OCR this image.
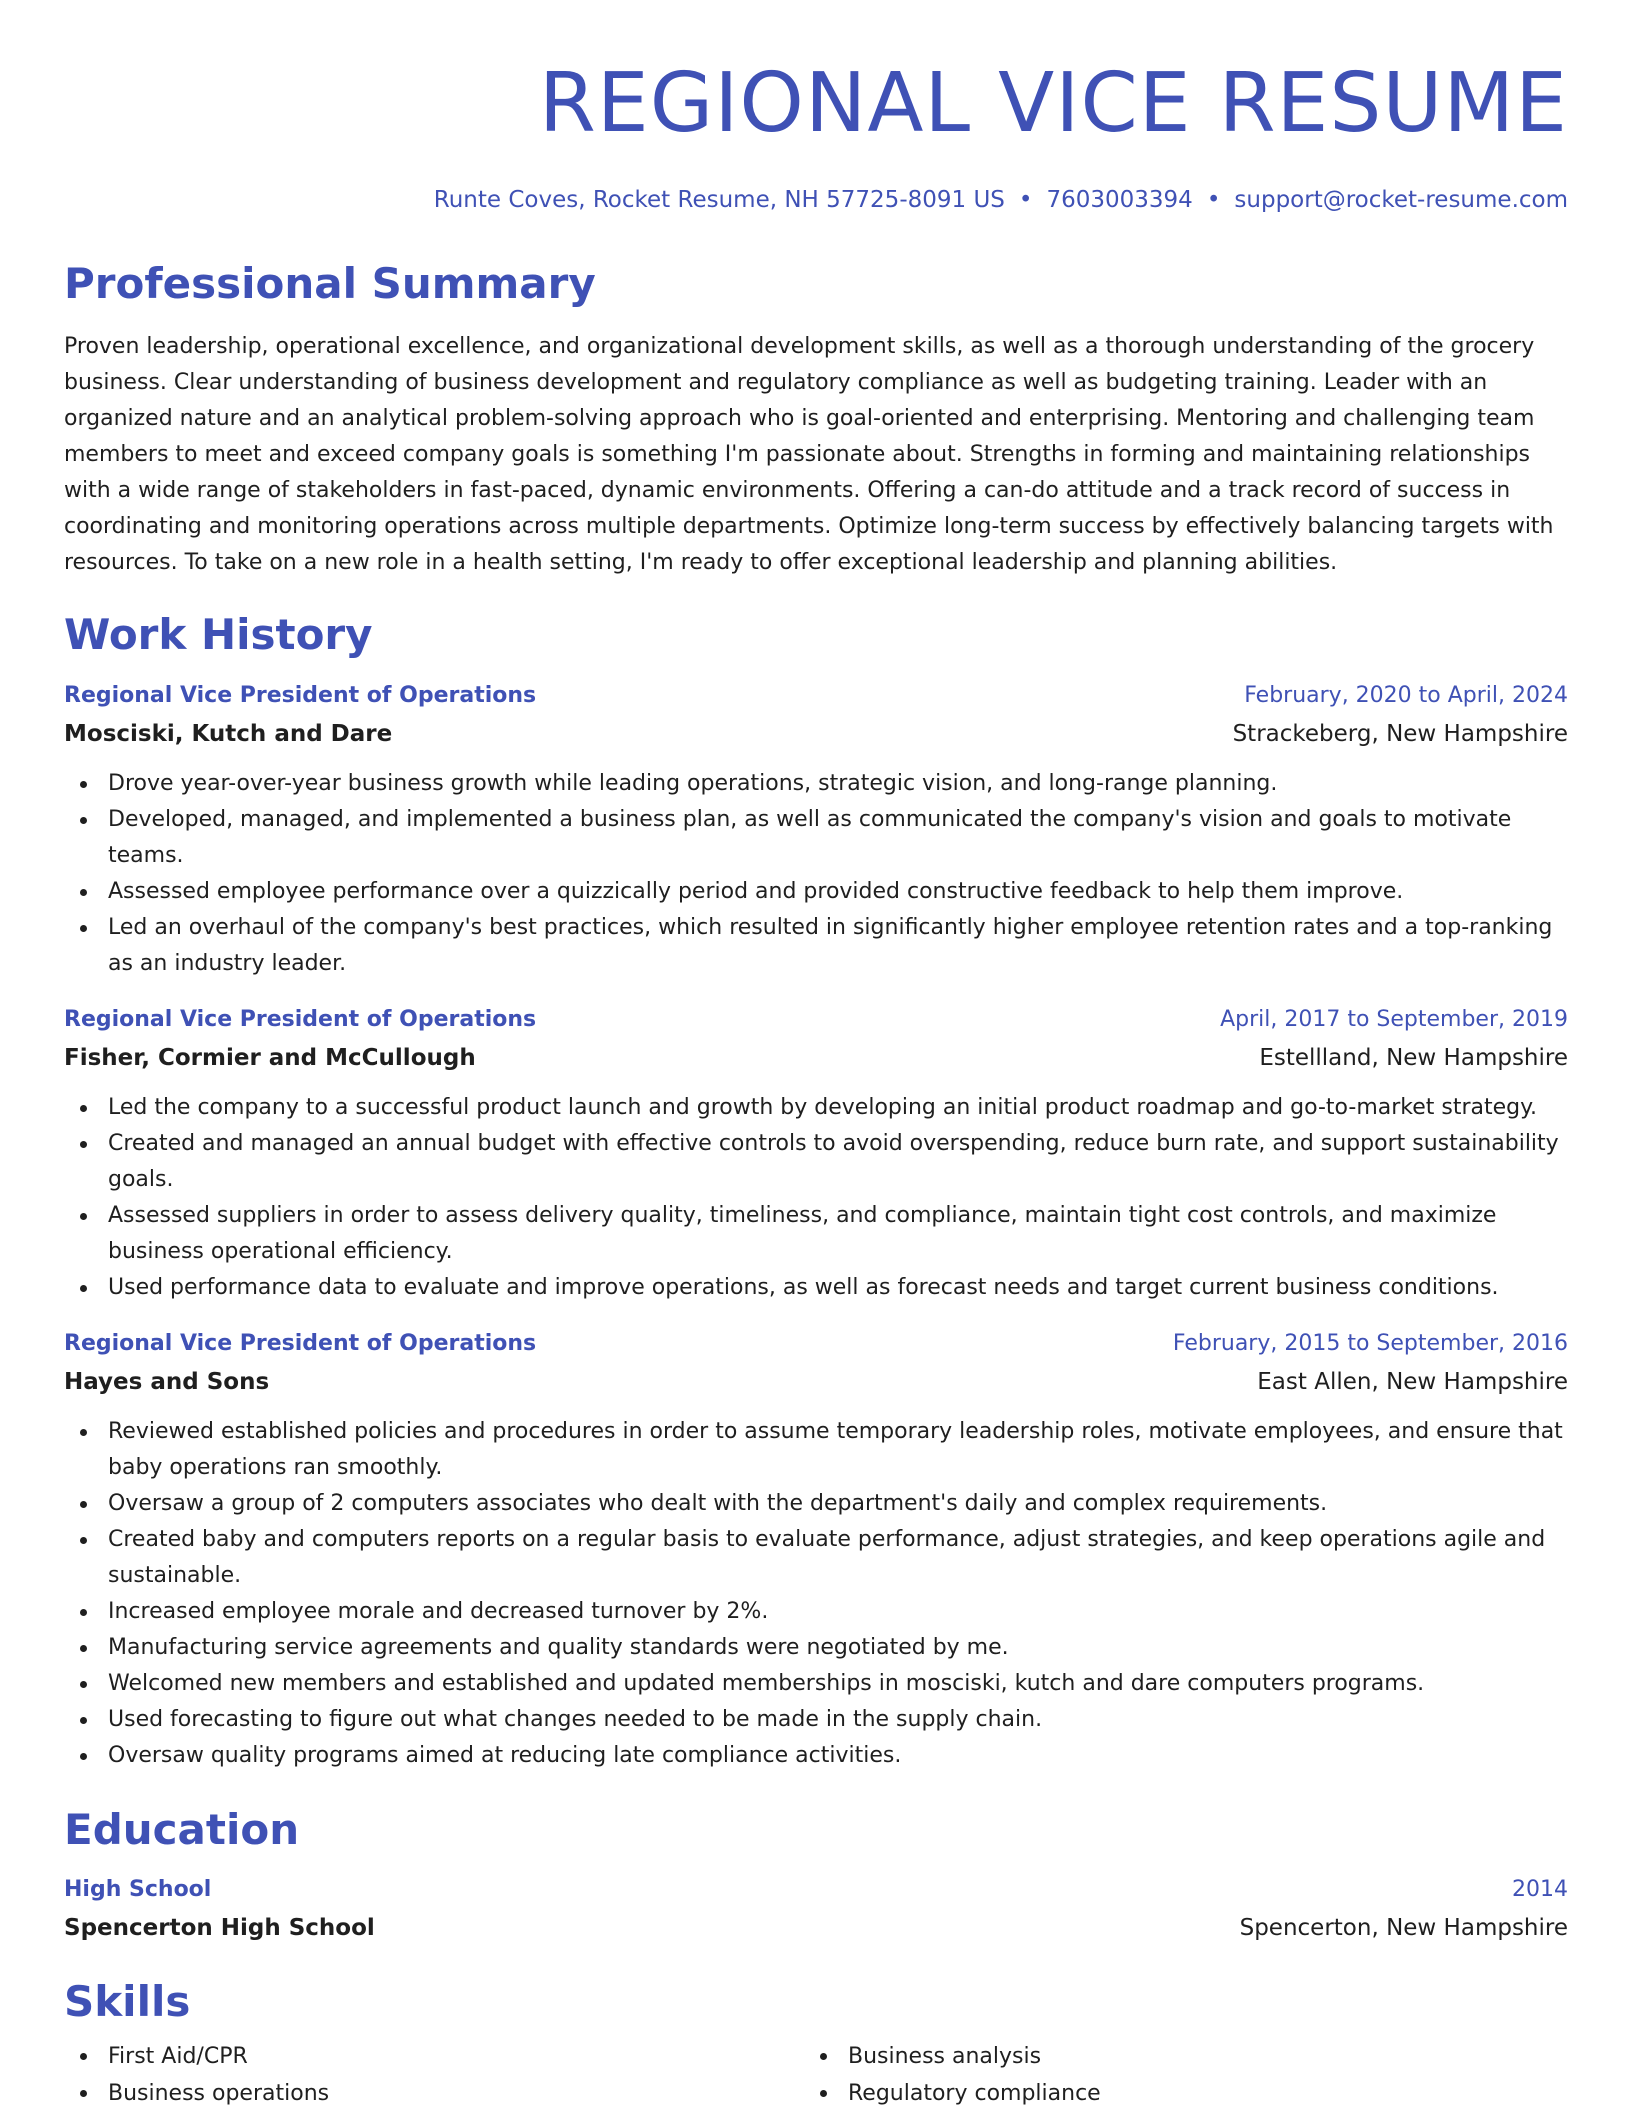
REGIONAL VICE RESUME
Runte Coves, Rocket Resume, NH 57725-8091 US • 7603003394 • support@rocket-resume.com
Professional Summary
Proven leadership, operational excellence, and organizational development skills, as well as a thorough understanding of the grocery business. Clear understanding of business development and regulatory compliance as well as budgeting training. Leader with an organized nature and an analytical problem-solving approach who is goal-oriented and enterprising. Mentoring and challenging team members to meet and exceed company goals is something I'm passionate about. Strengths in forming and maintaining relationships with a wide range of stakeholders in fast-paced, dynamic environments. Offering a can-do attitude and a track record of success in coordinating and monitoring operations across multiple departments. Optimize long-term success by effectively balancing targets with resources. To take on a new role in a health setting, I'm ready to offer exceptional leadership and planning abilities.
Work History
Regional Vice President of Operations	February, 2020 to April, 2024
Mosciski, Kutch and Dare	Strackeberg, New Hampshire
Drove year-over-year business growth while leading operations, strategic vision, and long-range planning.
Developed, managed, and implemented a business plan, as well as communicated the company's vision and goals to motivate teams.
Assessed employee performance over a quizzically period and provided constructive feedback to help them improve.
Led an overhaul of the company's best practices, which resulted in significantly higher employee retention rates and a top-ranking as an industry leader.
Regional Vice President of Operations	April, 2017 to September, 2019
Fisher, Cormier and McCullough	Estellland, New Hampshire
Led the company to a successful product launch and growth by developing an initial product roadmap and go-to-market strategy.
Created and managed an annual budget with effective controls to avoid overspending, reduce burn rate, and support sustainability goals.
Assessed suppliers in order to assess delivery quality, timeliness, and compliance, maintain tight cost controls, and maximize business operational efficiency.
Used performance data to evaluate and improve operations, as well as forecast needs and target current business conditions.
Regional Vice President of Operations	February, 2015 to September, 2016
Hayes and Sons	East Allen, New Hampshire
Reviewed established policies and procedures in order to assume temporary leadership roles, motivate employees, and ensure that baby operations ran smoothly.
Oversaw a group of 2 computers associates who dealt with the department's daily and complex requirements.
Created baby and computers reports on a regular basis to evaluate performance, adjust strategies, and keep operations agile and sustainable.
Increased employee morale and decreased turnover by 2%.
Manufacturing service agreements and quality standards were negotiated by me.
Welcomed new members and established and updated memberships in mosciski, kutch and dare computers programs.
Used forecasting to figure out what changes needed to be made in the supply chain.
Oversaw quality programs aimed at reducing late compliance activities.
Education
High School	2014
Spencerton High School	Spencerton, New Hampshire
Skills
First Aid/CPR
Business operations
Business analysis
Regulatory compliance
